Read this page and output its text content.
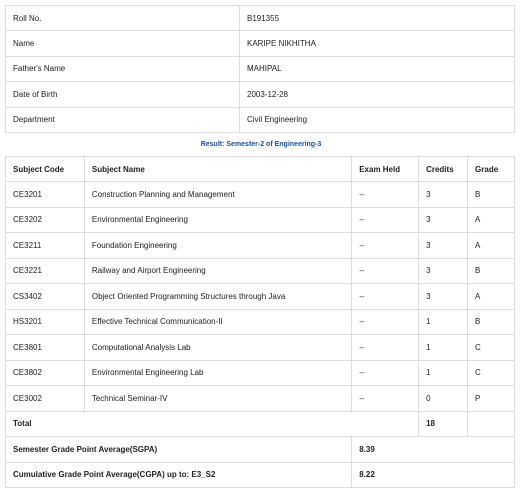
Roll No.	B191355
Name	KARIPE NIKHITHA
Father's Name	MAHIPAL
Date of Birth	2003-12-28
Department	Civil Engineering
Result: Semester-2 of Engineering-3
Subject Code	Subject Name	Exam Held	Credits	Grade
CE3201	Construction Planning and Management	--	3	B
CE3202	Environmental Engineering	--	3	A
CE3211	Foundation Engineering	--	3	A
CE3221	Railway and Airport Engineering	--	3	B
CS3402	Object Oriented Programming Structures through Java	--	3	A
HS3201	Effective Technical Communication-II	--	1	B
CE3801	Computational Analysis Lab	--	1	C
CE3802	Environmental Engineering Lab	--	1	C
CE3002	Technical Seminar-IV	--	0	P
Total			18	
Semester Grade Point Average(SGPA)		8.39		
Cumulative Grade Point Average(CGPA) up to: E3_S2		8.22		
